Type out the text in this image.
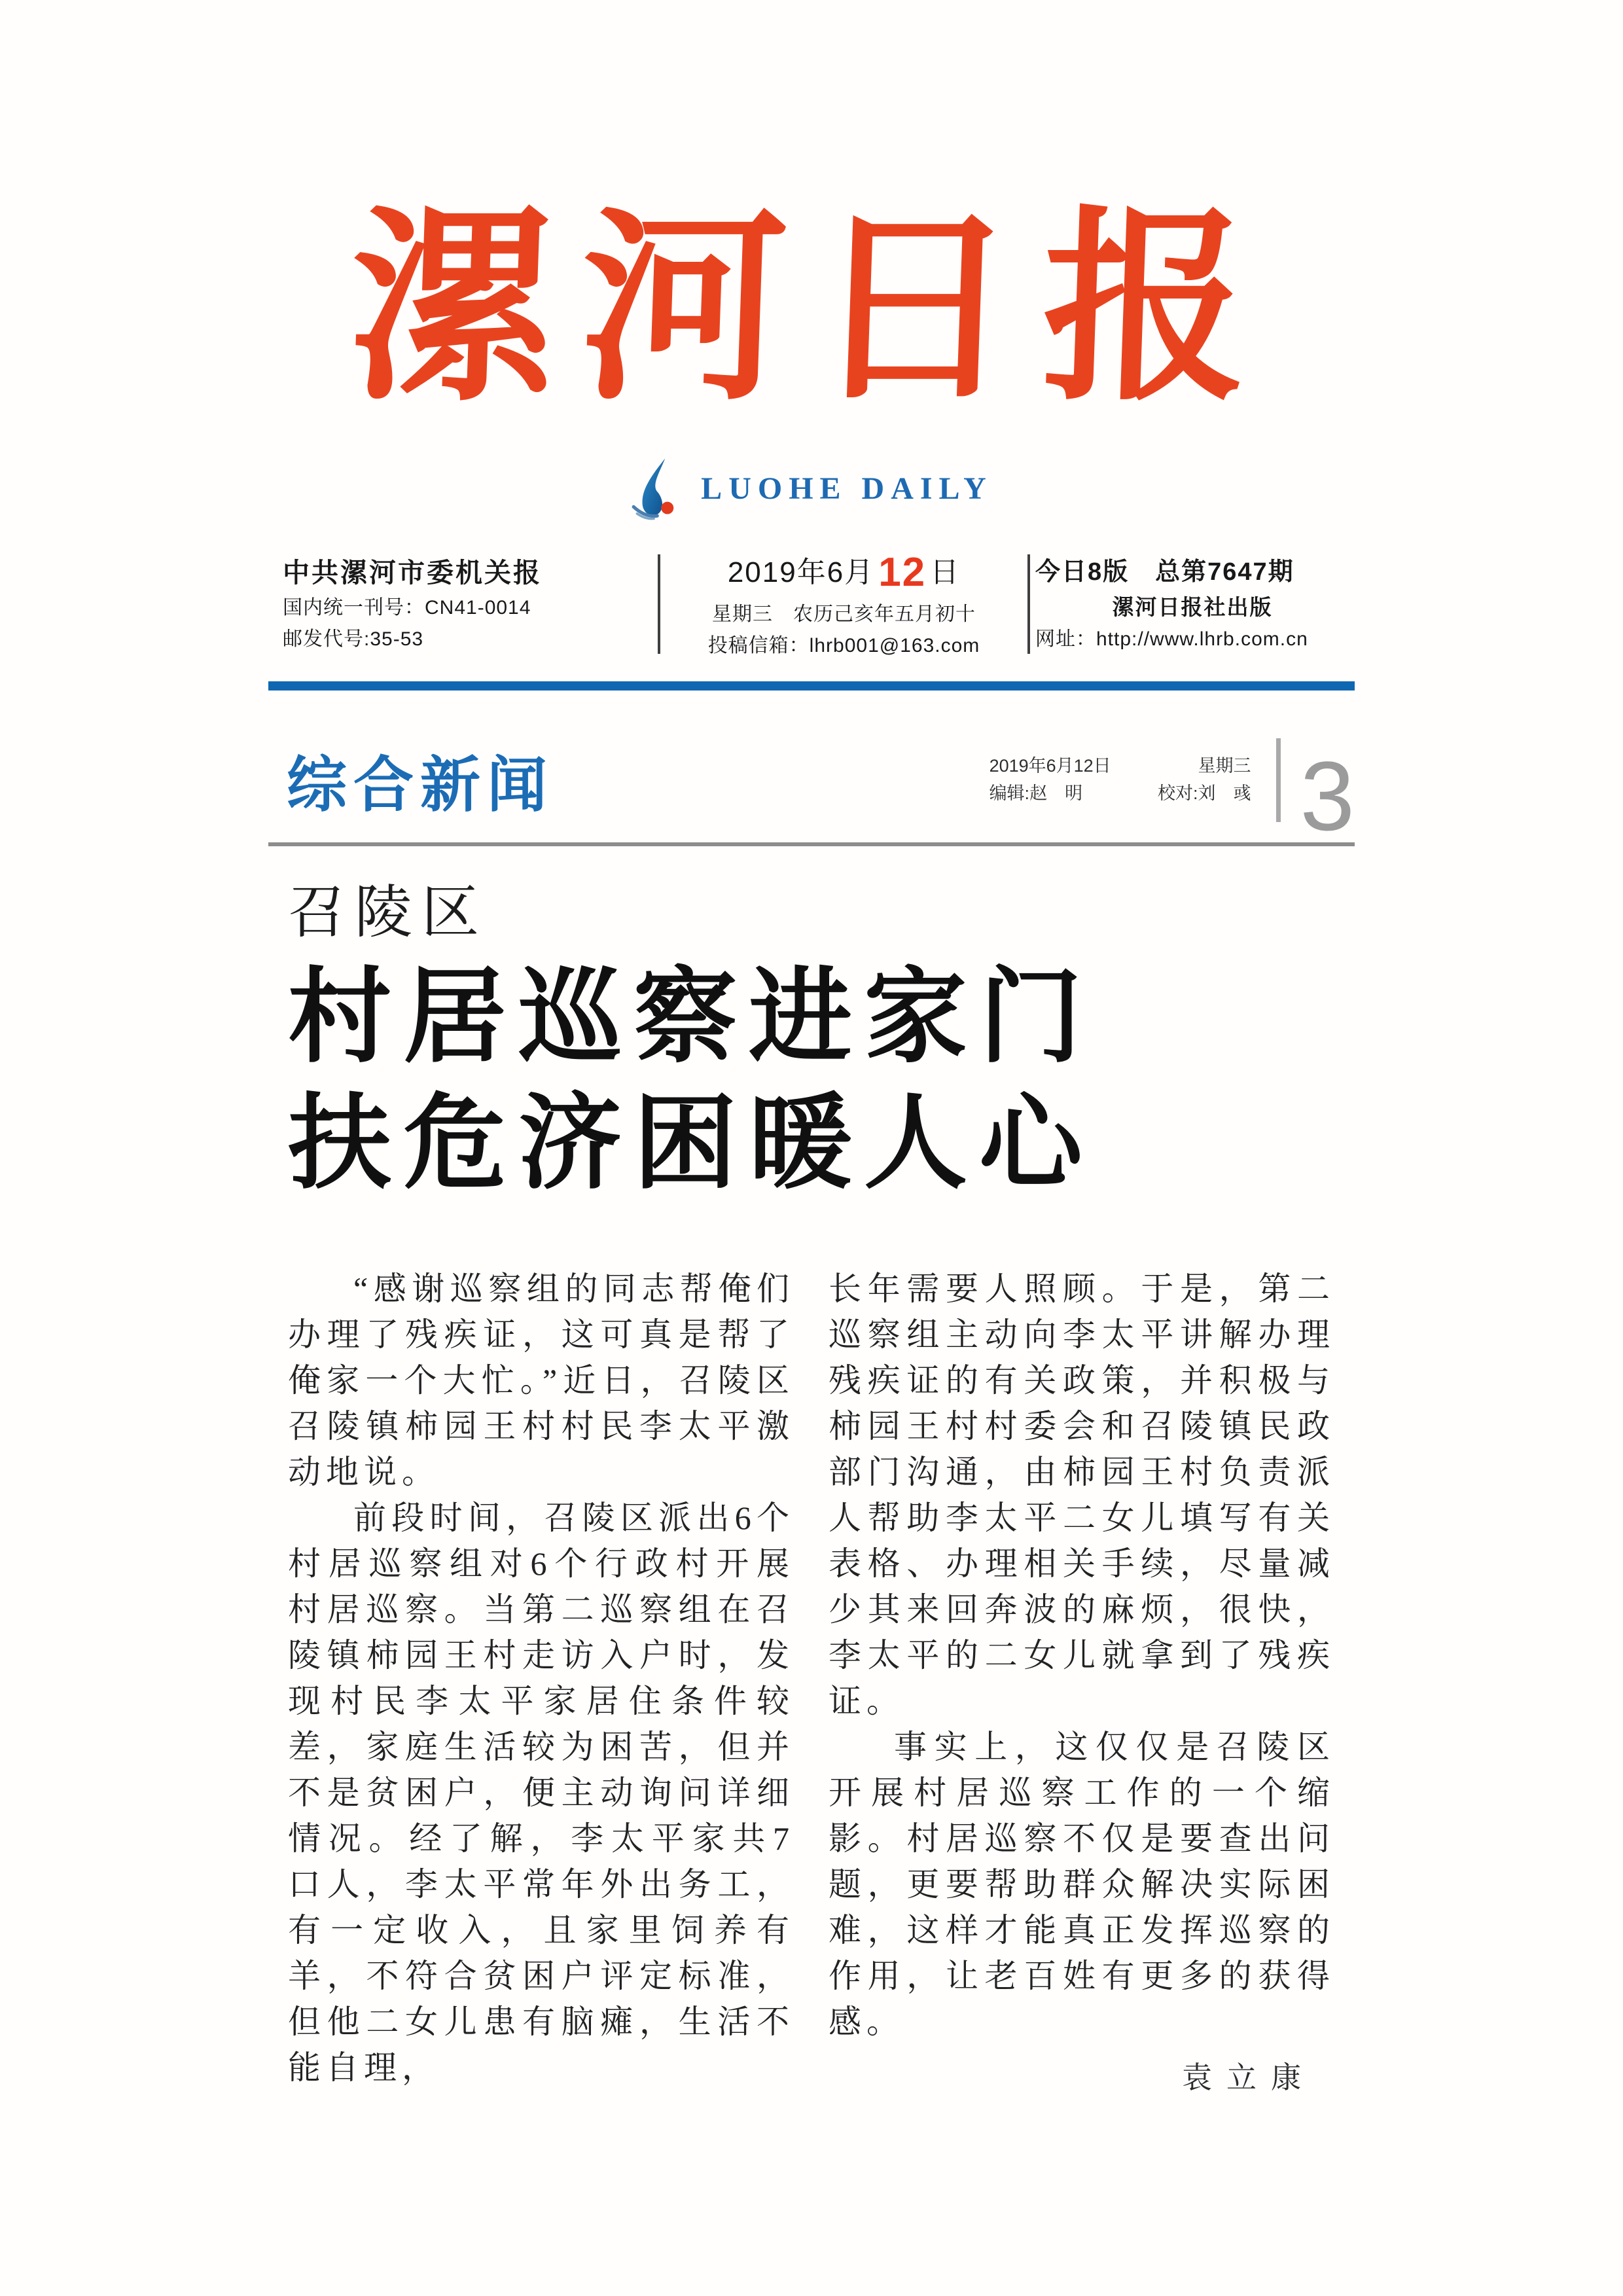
漯河日报
LUOHE DAILY
中共漯河市委机关报
国内统一刊号：CN41-0014
邮发代号:35-53
2019年6月12 日
星期三　农历己亥年五月初十
投稿信箱：lhrb001@163.com
今日8版　总第7647期
漯河日报社出版
网址：http://www.lhrb.com.cn
综合新闻	2019年6月12日	星期三
编辑:赵　明	校对:刘　彧 3
召陵区
村居巡察进家门
扶危济困暖人心

“感谢巡察组的同志帮俺们办理了残疾证，这可真是帮了俺家一个大忙。”近日，召陵区召陵镇柿园王村村民李太平激动地说。

前段时间，召陵区派出6个村居巡察组对6个行政村开展村居巡察。当第二巡察组在召陵镇柿园王村走访入户时，发现村民李太平家居住条件较差，家庭生活较为困苦，但并不是贫困户，便主动询问详细情况。经了解，李太平家共7口人，李太平常年外出务工，有一定收入，且家里饲养有羊，不符合贫困户评定标准，但他二女儿患有脑瘫，生活不能自理，

长年需要人照顾。于是，第二巡察组主动向李太平讲解办理残疾证的有关政策，并积极与柿园王村村委会和召陵镇民政部门沟通，由柿园王村负责派人帮助李太平二女儿填写有关表格、办理相关手续，尽量减少其来回奔波的麻烦，很快，李太平的二女儿就拿到了残疾证。

事实上，这仅仅是召陵区开展村居巡察工作的一个缩影。村居巡察不仅是要查出问题，更要帮助群众解决实际困难，这样才能真正发挥巡察的作用，让老百姓有更多的获得感。

袁立康
